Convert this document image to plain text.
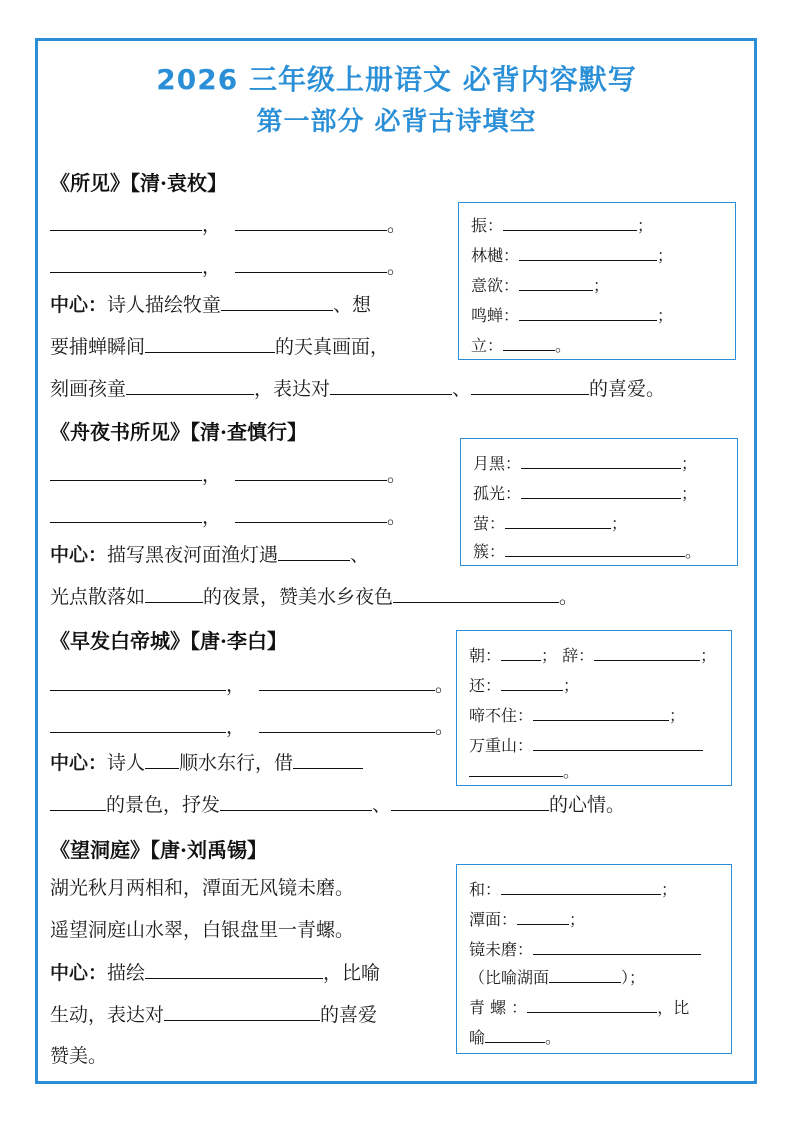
2026 三年级上册语文 必背内容默写
第一部分 必背古诗填空
《所见》【清·袁枚】
，	。
，	。
中心：诗人描绘牧童	、想
要捕蝉瞬间	的天真画面，
刻画孩童	，表达对	、	的喜爱。
振：	；
林樾：	；
意欲：	；
鸣蝉：	；
立：	。
《舟夜书所见》【清·查慎行】
，	。
，	。
中心：描写黑夜河面渔灯遇	、
光点散落如	的夜景，赞美水乡夜色	。
月黑：	；
孤光：	；
萤：	；
簇：	。
《早发白帝城》【唐·李白】
，	。
，	。
中心：诗人 顺水东行，借
的景色，抒发	、	的心情。
朝：	； 辞：	；
还：	；
啼不住：	；
万重山：
。
《望洞庭》【唐·刘禹锡】
湖光秋月两相和，潭面无风镜未磨。
遥望洞庭山水翠，白银盘里一青螺。
中心：描绘	，比喻
生动，表达对	的喜爱
赞美。
和：	；
潭面：	；
镜未磨：
（比喻湖面	）；
青 螺 ：	，比
喻	。
